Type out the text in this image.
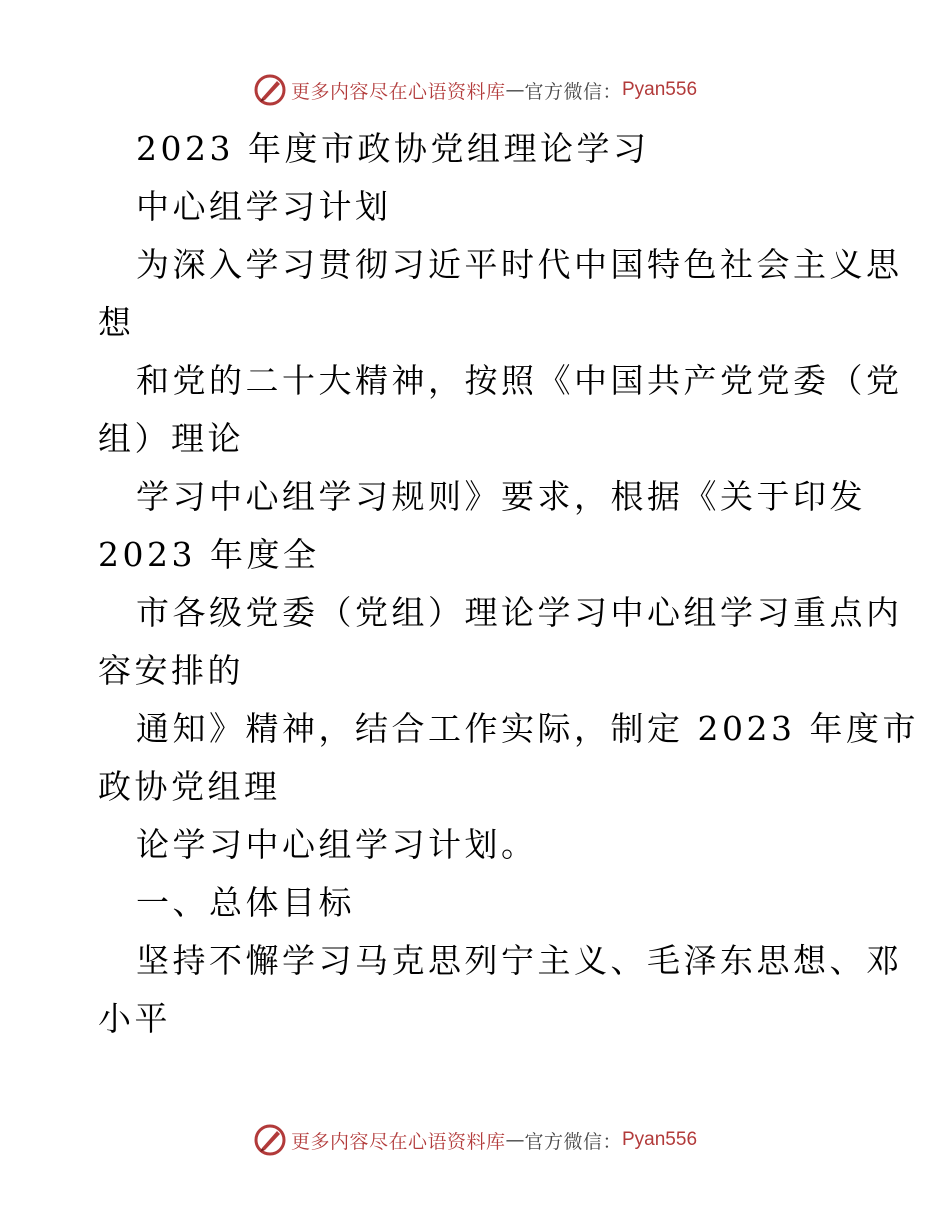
更多内容尽在心语资料库 — 官方微信： Pyan556
2023 年度市政协党组理论学习
中心组学习计划
为深入学习贯彻习近平时代中国特色社会主义思
想
和党的二十大精神，按照《中国共产党党委（党
组）理论
学习中心组学习规则》要求，根据《关于印发
2023 年度全
市各级党委（党组）理论学习中心组学习重点内
容安排的
通知》精神，结合工作实际，制定 2023 年度市
政协党组理
论学习中心组学习计划。
一、总体目标
坚持不懈学习马克思列宁主义、毛泽东思想、邓
小平
更多内容尽在心语资料库 — 官方微信： Pyan556
